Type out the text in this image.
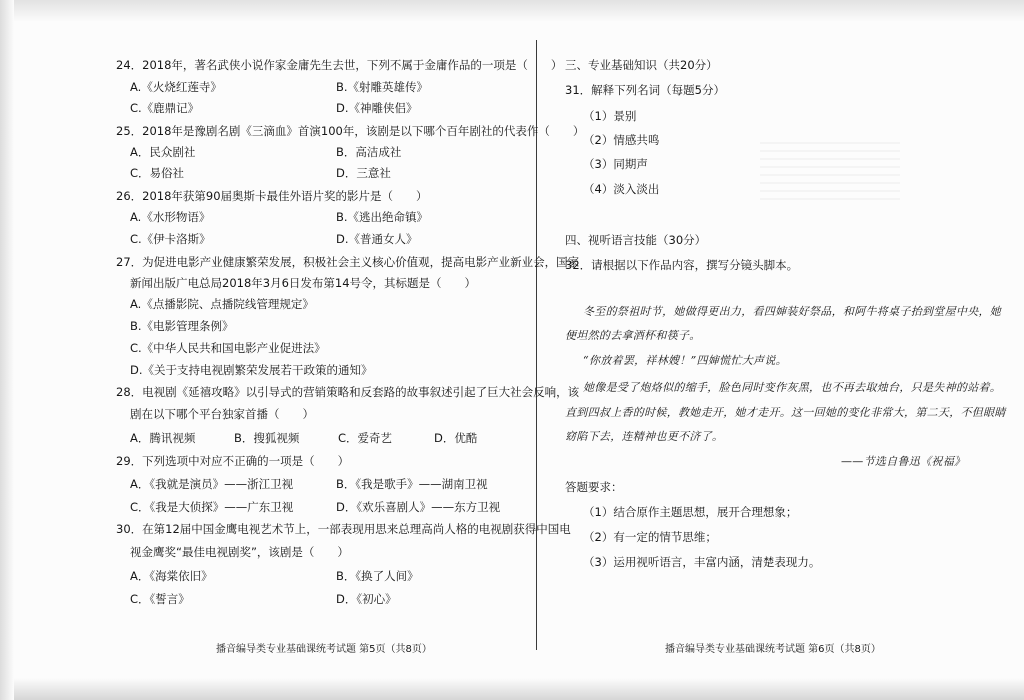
24．2018年，著名武侠小说作家金庸先生去世，下列不属于金庸作品的一项是（　　）
A.《火烧红莲寺》	B.《射雕英雄传》
C.《鹿鼎记》	D.《神雕侠侣》
25．2018年是豫剧名剧《三滴血》首演100年，该剧是以下哪个百年剧社的代表作（　　）
A．民众剧社	B．高洁成社
C．易俗社	D．三意社
26．2018年获第90届奥斯卡最佳外语片奖的影片是（　　）
A.《水形物语》	B.《逃出绝命镇》
C.《伊卡洛斯》	D.《普通女人》
27．为促进电影产业健康繁荣发展，积极社会主义核心价值观，提高电影产业新业会，国家
新闻出版广电总局2018年3月6日发布第14号令，其标题是（　　）
A.《点播影院、点播院线管理规定》
B.《电影管理条例》
C.《中华人民共和国电影产业促进法》
D.《关于支持电视剧繁荣发展若干政策的通知》
28．电视剧《延禧攻略》以引导式的营销策略和反套路的故事叙述引起了巨大社会反响，该
剧在以下哪个平台独家首播（　　）
A．腾讯视频	B．搜狐视频	C．爱奇艺	D．优酷
29．下列选项中对应不正确的一项是（　　）
A．《我就是演员》——浙江卫视	B．《我是歌手》——湖南卫视
C．《我是大侦探》——广东卫视	D．《欢乐喜剧人》——东方卫视
30．在第12届中国金鹰电视艺术节上，一部表现用思来总理高尚人格的电视剧获得中国电
视金鹰奖“最佳电视剧奖”，该剧是（　　）
A．《海棠依旧》	B．《换了人间》
C．《誓言》	D．《初心》
播音编导类专业基础课统考试题 第5页（共8页）
三、专业基础知识（共20分）
31．解释下列名词（每题5分）
（1）景别
（2）情感共鸣
（3）同期声
（4）淡入淡出
四、视听语言技能（30分）
32．请根据以下作品内容，撰写分镜头脚本。
冬至的祭祖时节，她做得更出力，看四婶装好祭品，和阿牛将桌子抬到堂屋中央，她
便坦然的去拿酒杯和筷子。
“你放着罢，祥林嫂！”四婶慌忙大声说。
她像是受了炮烙似的缩手，脸色同时变作灰黑，也不再去取烛台，只是失神的站着。
直到四叔上香的时候，教她走开，她才走开。这一回她的变化非常大，第二天，不但眼睛
窈陷下去，连精神也更不济了。
——节选自鲁迅《祝福》
答题要求：
（1）结合原作主题思想，展开合理想象；
（2）有一定的情节思维；
（3）运用视听语言，丰富内涵，清楚表现力。
播音编导类专业基础课统考试题 第6页（共8页）
